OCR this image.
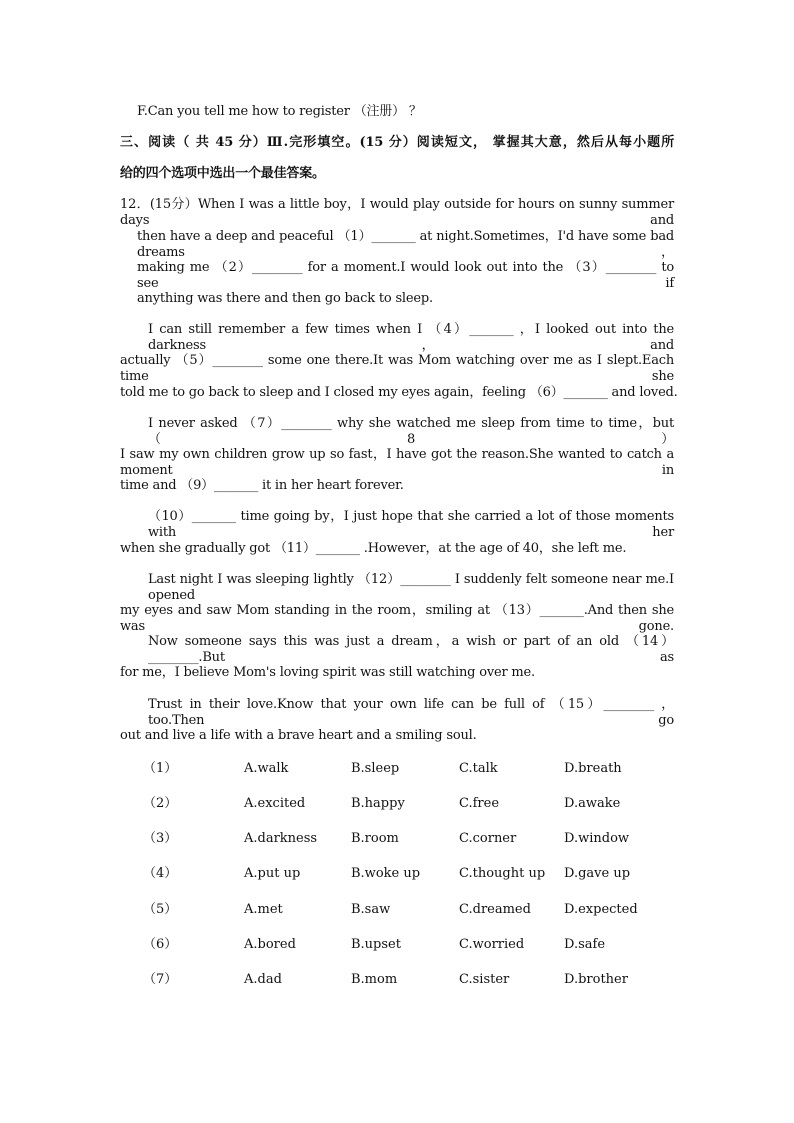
F.Can you tell me how to register （注册） ？
三、阅读（ 共 45 分）Ⅲ.完形填空。(15 分）阅读短文， 掌握其大意，然后从每小题所
给的四个选项中选出一个最佳答案。
12．(15分）When I was a little boy，I would play outside for hours on sunny summer days and
then have a deep and peaceful （1）_______ at night.Sometimes，I'd have some bad dreams，
making me （2）________ for a moment.I would look out into the （3）________ to see if
anything was there and then go back to sleep.
I can still remember a few times when I （4）_______ ，I looked out into the darkness，and
actually （5）________ some one there.It was Mom watching over me as I slept.Each time she
told me to go back to sleep and I closed my eyes again，feeling （6）_______ and loved.
I never asked （7）________ why she watched me sleep from time to time，but （8）
I saw my own children grow up so fast，I have got the reason.She wanted to catch a moment in
time and （9）_______ it in her heart forever.
（10）_______ time going by，I just hope that she carried a lot of those moments with her
when she gradually got （11）_______ .However，at the age of 40，she left me.
Last night I was sleeping lightly （12）________ I suddenly felt someone near me.I opened
my eyes and saw Mom standing in the room，smiling at （13）_______.And then she was gone.
Now someone says this was just a dream，a wish or part of an old （14）________.But as
for me，I believe Mom's loving spirit was still watching over me.
Trust in their love.Know that your own life can be full of （15）________ ，too.Then go
out and live a life with a brave heart and a smiling soul.
（1）	A.walk	B.sleep	C.talk	D.breath
（2）	A.excited	B.happy	C.free	D.awake
（3）	A.darkness	B.room	C.corner	D.window
（4）	A.put up	B.woke up	C.thought up D.gave up
（5）	A.met	B.saw	C.dreamed	D.expected
（6）	A.bored	B.upset	C.worried	D.safe
（7）	A.dad	B.mom	C.sister	D.brother
